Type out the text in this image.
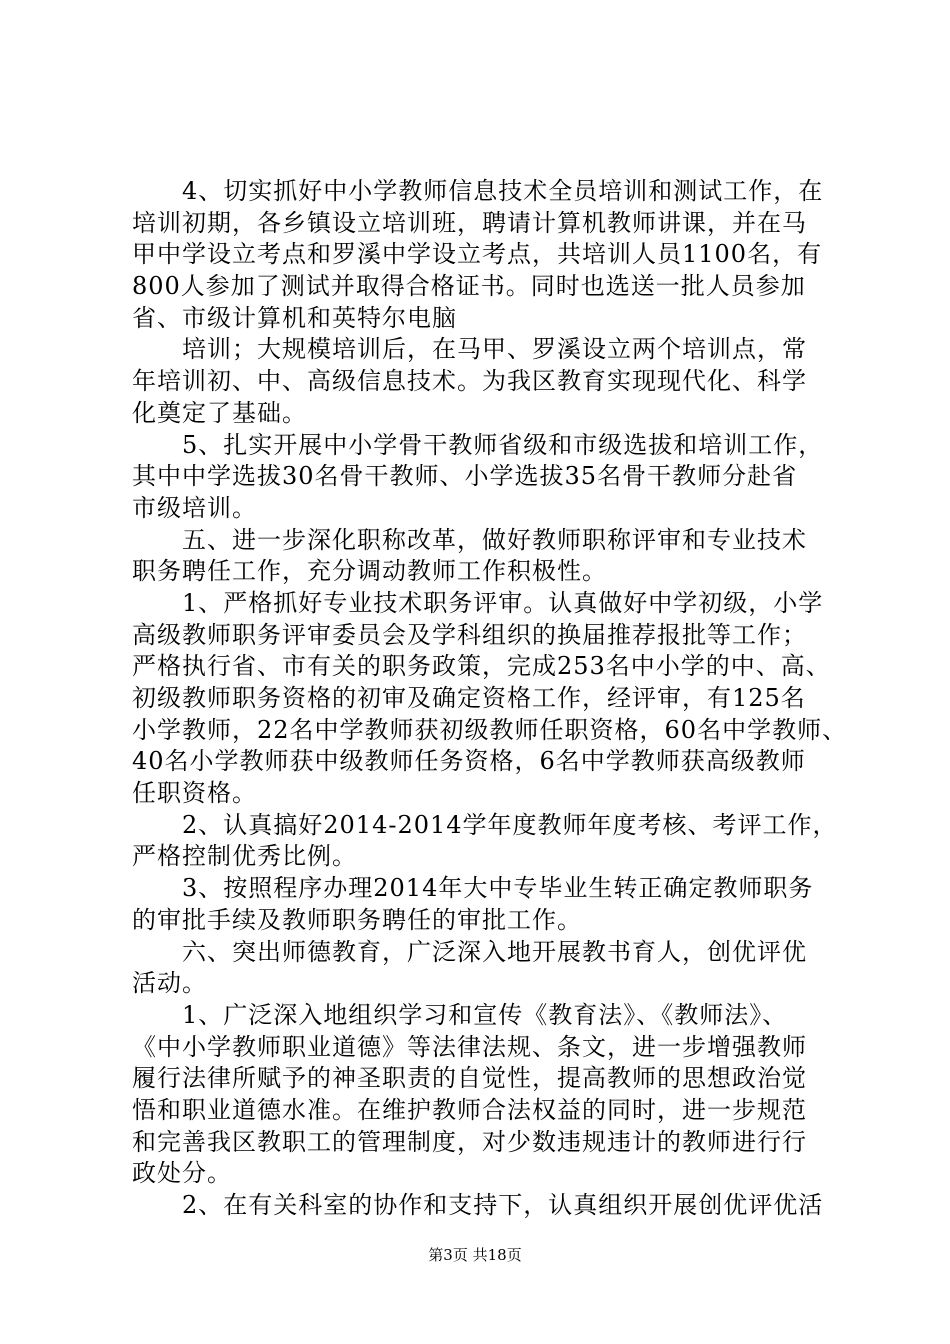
　　4、切实抓好中小学教师信息技术全员培训和测试工作，在
培训初期，各乡镇设立培训班，聘请计算机教师讲课，并在马
甲中学设立考点和罗溪中学设立考点，共培训人员1100名，有
800人参加了测试并取得合格证书。同时也选送一批人员参加
省、市级计算机和英特尔电脑
　　培训；大规模培训后，在马甲、罗溪设立两个培训点，常
年培训初、中、高级信息技术。为我区教育实现现代化、科学
化奠定了基础。
　　5、扎实开展中小学骨干教师省级和市级选拔和培训工作，
其中中学选拔30名骨干教师、小学选拔35名骨干教师分赴省
市级培训。
　　五、进一步深化职称改革，做好教师职称评审和专业技术
职务聘任工作，充分调动教师工作积极性。
　　1、严格抓好专业技术职务评审。认真做好中学初级，小学
高级教师职务评审委员会及学科组织的换届推荐报批等工作；
严格执行省、市有关的职务政策，完成253名中小学的中、高、
初级教师职务资格的初审及确定资格工作，经评审，有125名
小学教师，22名中学教师获初级教师任职资格，60名中学教师、
40名小学教师获中级教师任务资格，6名中学教师获高级教师
任职资格。
　　2、认真搞好2014-2014学年度教师年度考核、考评工作，
严格控制优秀比例。
　　3、按照程序办理2014年大中专毕业生转正确定教师职务
的审批手续及教师职务聘任的审批工作。
　　六、突出师德教育，广泛深入地开展教书育人，创优评优
活动。
　　1、广泛深入地组织学习和宣传《教育法》、《教师法》、
《中小学教师职业道德》等法律法规、条文，进一步增强教师
履行法律所赋予的神圣职责的自觉性，提高教师的思想政治觉
悟和职业道德水准。在维护教师合法权益的同时，进一步规范
和完善我区教职工的管理制度，对少数违规违计的教师进行行
政处分。
　　2、在有关科室的协作和支持下，认真组织开展创优评优活
第3页 共18页
